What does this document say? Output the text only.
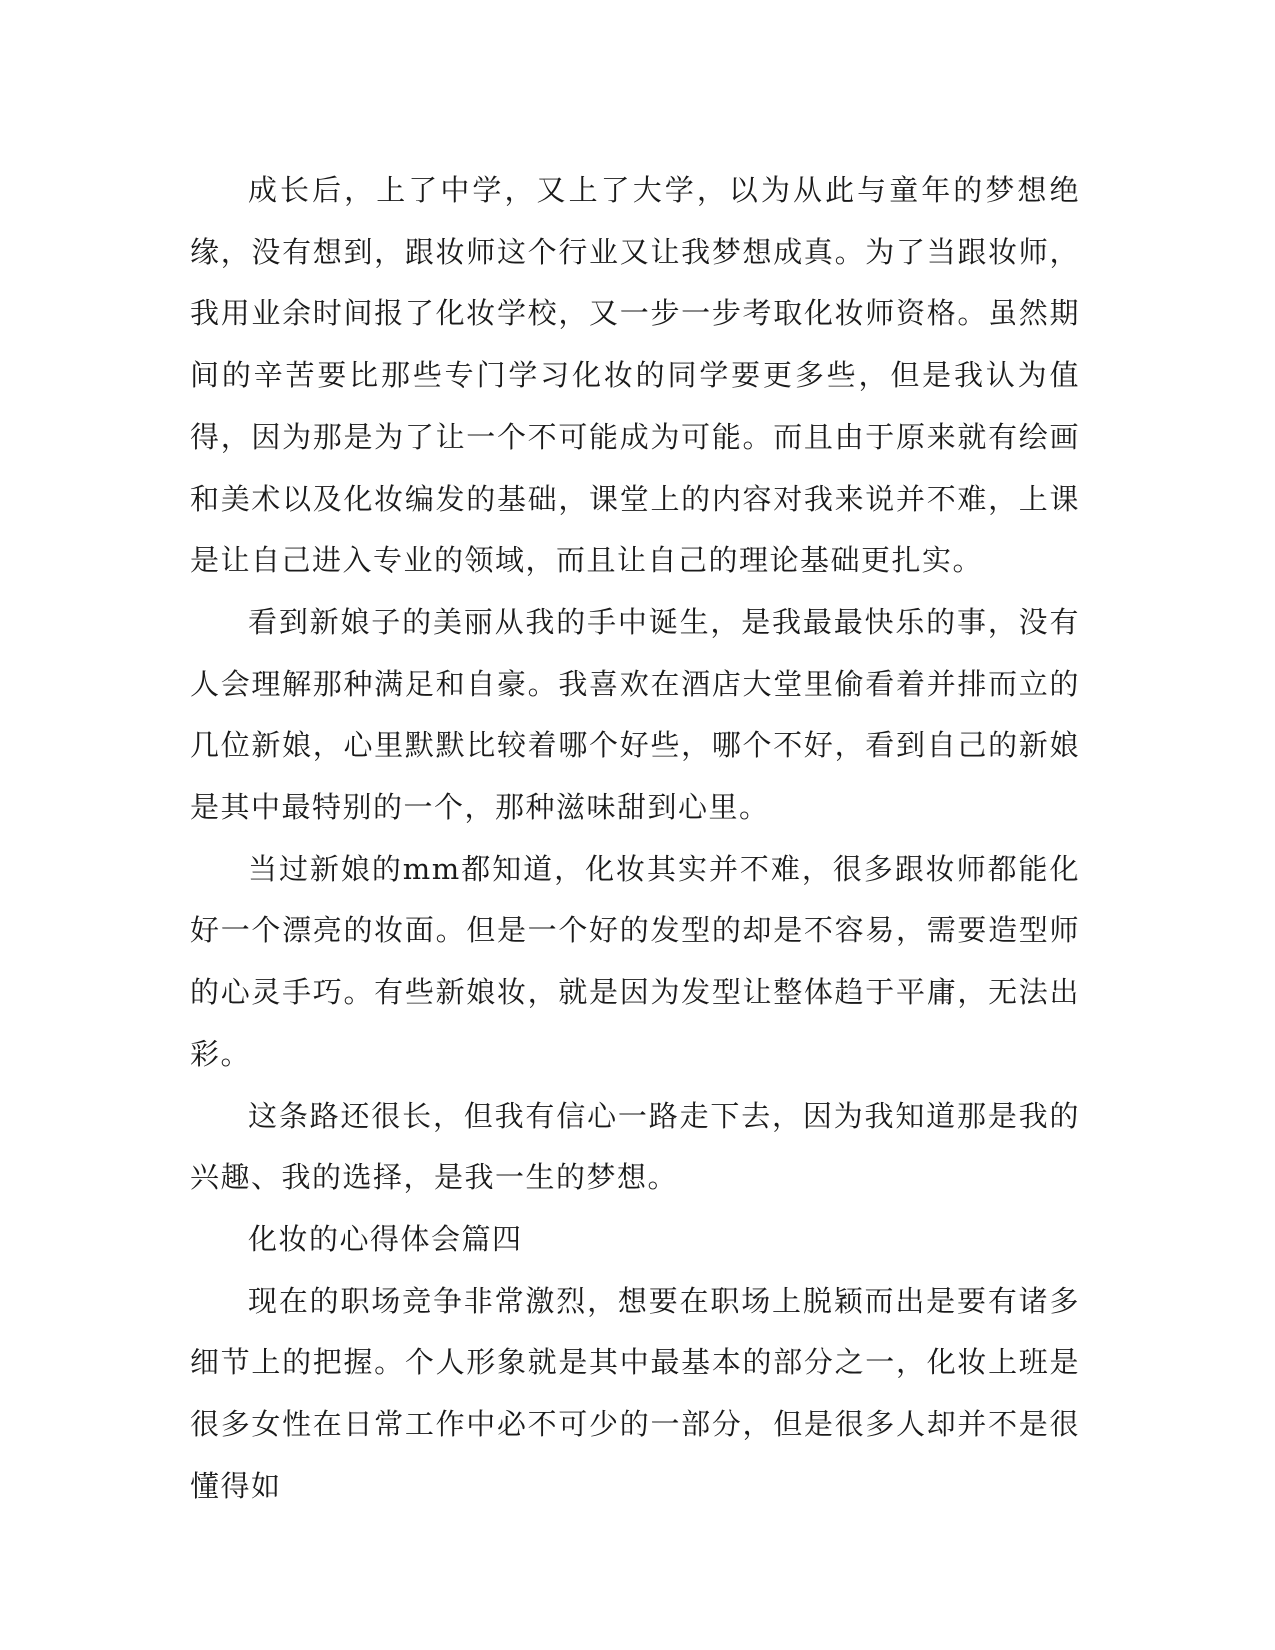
成长后，上了中学，又上了大学，以为从此与童年的梦想绝缘，没有想到，跟妆师这个行业又让我梦想成真。为了当跟妆师，我用业余时间报了化妆学校，又一步一步考取化妆师资格。虽然期间的辛苦要比那些专门学习化妆的同学要更多些，但是我认为值得，因为那是为了让一个不可能成为可能。而且由于原来就有绘画和美术以及化妆编发的基础，课堂上的内容对我来说并不难，上课是让自己进入专业的领域，而且让自己的理论基础更扎实。

看到新娘子的美丽从我的手中诞生，是我最最快乐的事，没有人会理解那种满足和自豪。我喜欢在酒店大堂里偷看着并排而立的几位新娘，心里默默比较着哪个好些，哪个不好，看到自己的新娘是其中最特别的一个，那种滋味甜到心里。

当过新娘的mm都知道，化妆其实并不难，很多跟妆师都能化好一个漂亮的妆面。但是一个好的发型的却是不容易，需要造型师的心灵手巧。有些新娘妆，就是因为发型让整体趋于平庸，无法出彩。

这条路还很长，但我有信心一路走下去，因为我知道那是我的兴趣、我的选择，是我一生的梦想。

化妆的心得体会篇四

现在的职场竞争非常激烈，想要在职场上脱颖而出是要有诸多细节上的把握。个人形象就是其中最基本的部分之一，化妆上班是很多女性在日常工作中必不可少的一部分，但是很多人却并不是很懂得如
